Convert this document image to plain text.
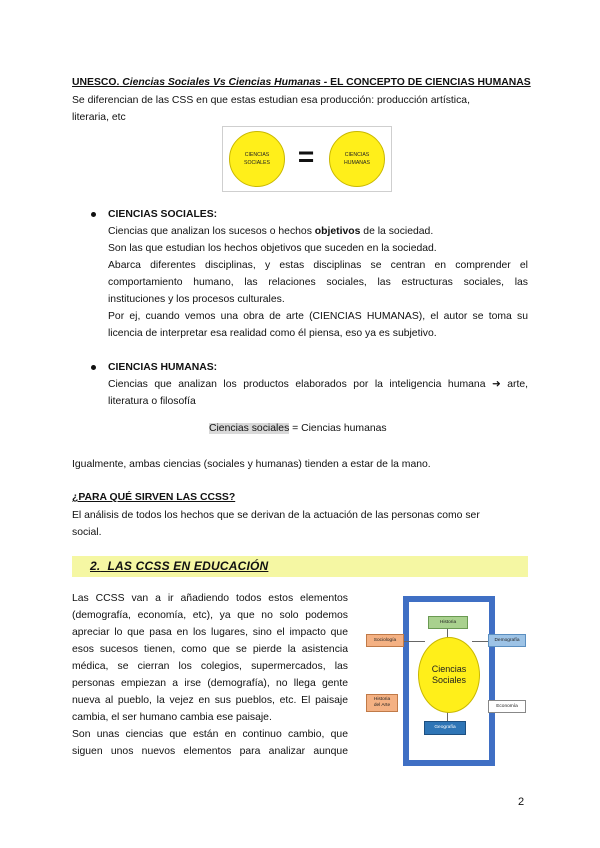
UNESCO. Ciencias Sociales Vs Ciencias Humanas - EL CONCEPTO DE CIENCIAS HUMANAS
Se diferencian de las CSS en que estas estudian esa producción: producción artística,
literaria, etc
CIENCIAS
SOCIALES =	CIENCIAS
HUMANAS
CIENCIAS SOCIALES:
Ciencias que analizan los sucesos o hechos objetivos de la sociedad.
Son las que estudian los hechos objetivos que suceden en la sociedad.
Abarca diferentes disciplinas, y estas disciplinas se centran en comprender el
comportamiento humano, las relaciones sociales, las estructuras sociales, las
instituciones y los procesos culturales.
Por ej, cuando vemos una obra de arte (CIENCIAS HUMANAS), el autor se toma su
licencia de interpretar esa realidad como él piensa, eso ya es subjetivo.
CIENCIAS HUMANAS:
Ciencias que analizan los productos elaborados por la inteligencia humana ➜ arte,
literatura o filosofía
Ciencias sociales = Ciencias humanas
Igualmente, ambas ciencias (sociales y humanas) tienden a estar de la mano.
¿PARA QUÉ SIRVEN LAS CCSS?
El análisis de todos los hechos que se derivan de la actuación de las personas como ser
social.
2. LAS CCSS EN EDUCACIÓN
Las CCSS van a ir añadiendo todos estos elementos
(demografía, economía, etc), ya que no solo podemos
apreciar lo que pasa en los lugares, sino el impacto que
esos sucesos tienen, como que se pierde la asistencia
médica, se cierran los colegios, supermercados, las
personas empiezan a irse (demografía), no llega gente
nueva al pueblo, la vejez en sus pueblos, etc. El paisaje
cambia, el ser humano cambia ese paisaje.
Son unas ciencias que están en continuo cambio, que
siguen unos nuevos elementos para analizar aunque
Ciencias
Sociales
Historia
Sociología	Demografía
Historia
del Arte	Economía
Geografía
2
